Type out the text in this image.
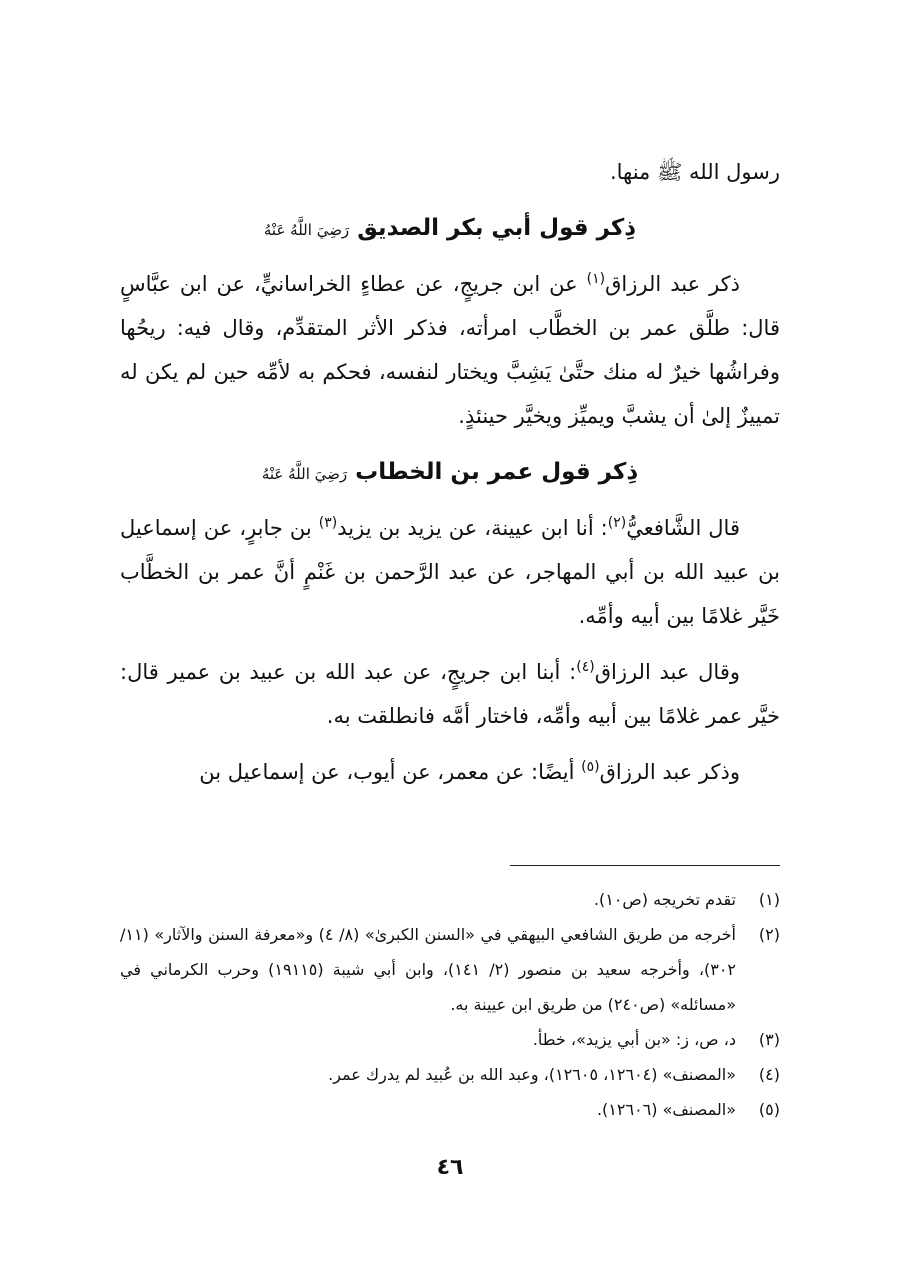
رسول الله ﷺ منها.

ذِكر قول أبي بكر الصديق رَضِيَ اللَّهُ عَنْهُ

ذكر عبد الرزاق$^{(١)}$ عن ابن جريجٍ، عن عطاءٍ الخراسانيٍّ، عن ابن عبَّاسٍ قال: طلَّق عمر بن الخطَّاب امرأته، فذكر الأثر المتقدِّم، وقال فيه: ريحُها وفراشُها خيرٌ له منك حتَّىٰ يَشِبَّ ويختار لنفسه، فحكم به لأمِّه حين لم يكن له تمييزٌ إلىٰ أن يشبَّ ويميِّز ويخيَّر حينئذٍ.

ذِكر قول عمر بن الخطاب رَضِيَ اللَّهُ عَنْهُ

قال الشَّافعيُّ$^{(٢)}$: أنا ابن عيينة، عن يزيد بن يزيد$^{(٣)}$ بن جابرٍ، عن إسماعيل بن عبيد الله بن أبي المهاجر، عن عبد الرَّحمن بن غَنْمٍ أنَّ عمر بن الخطَّاب خَيَّر غلامًا بين أبيه وأمِّه.

وقال عبد الرزاق$^{(٤)}$: أبنا ابن جريجٍ، عن عبد الله بن عبيد بن عمير قال: خيَّر عمر غلامًا بين أبيه وأمِّه، فاختار أمَّه فانطلقت به.

وذكر عبد الرزاق$^{(٥)}$ أيضًا: عن معمر، عن أيوب، عن إسماعيل بن

(١)
تقدم تخريجه (ص١٠).
(٢)
أخرجه من طريق الشافعي البيهقي في «السنن الكبرىٰ» (٨/ ٤) و«معرفة السنن والآثار» (١١/ ٣٠٢)، وأخرجه سعيد بن منصور (٢/ ١٤١)، وابن أبي شيبة (١٩١١٥) وحرب الكرماني في «مسائله» (ص٢٤٠) من طريق ابن عيينة به.
(٣)
د، ص، ز: «بن أبي يزيد»، خطأ.
(٤)
«المصنف» (١٢٦٠٤، ١٢٦٠٥)، وعبد الله بن عُبيد لم يدرك عمر.
(٥)
«المصنف» (١٢٦٠٦).
٤٦
